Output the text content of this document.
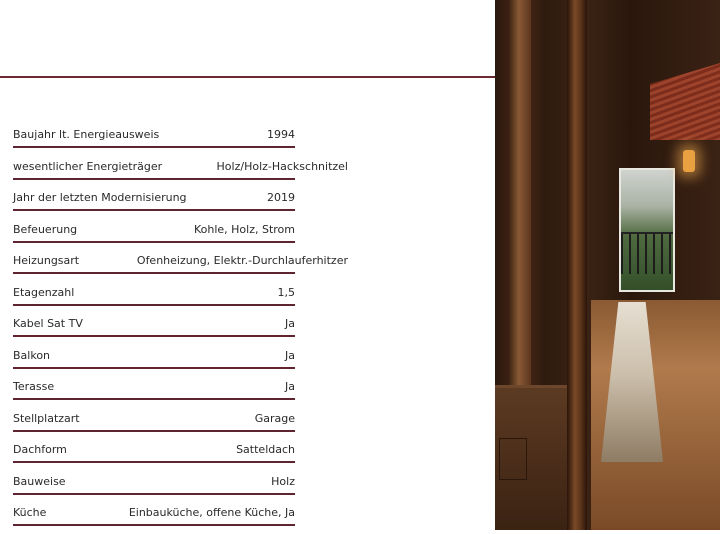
Baujahr lt. Energieausweis	1994
wesentlicher Energieträger	Holz/Holz-Hackschnitzel
Jahr der letzten Modernisierung	2019
Befeuerung	Kohle, Holz, Strom
Heizungsart	Ofenheizung, Elektr.-Durchlauferhitzer
Etagenzahl	1,5
Kabel Sat TV	Ja
Balkon	Ja
Terasse	Ja
Stellplatzart	Garage
Dachform	Satteldach
Bauweise	Holz
Küche	Einbauküche, offene Küche, Ja
